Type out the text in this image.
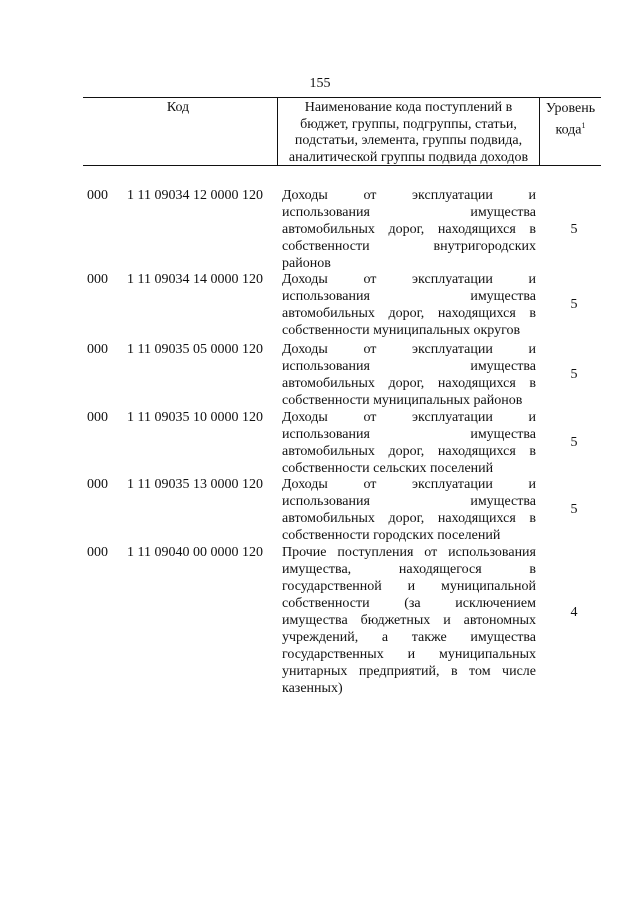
155
Код	Наименование кода поступлений в
бюджет, группы, подгруппы, статьи,
подстатьи, элемента, группы подвида,
аналитической группы подвида доходов
Уровень
кода$^1$
000 1 11 09034 12 0000 120 Доходы от эксплуатации и
использования имущества
автомобильных дорог, находящихся в
собственности внутригородских
районов
5
000 1 11 09034 14 0000 120 Доходы от эксплуатации и
использования имущества
автомобильных дорог, находящихся в
собственности муниципальных округов
5
000 1 11 09035 05 0000 120 Доходы от эксплуатации и
использования имущества
автомобильных дорог, находящихся в
собственности муниципальных районов
5
000 1 11 09035 10 0000 120 Доходы от эксплуатации и
использования имущества
автомобильных дорог, находящихся в
собственности сельских поселений
5
000 1 11 09035 13 0000 120 Доходы от эксплуатации и
использования имущества
автомобильных дорог, находящихся в
собственности городских поселений
5
000 1 11 09040 00 0000 120 Прочие поступления от использования
имущества, находящегося в
государственной и муниципальной
собственности (за исключением
имущества бюджетных и автономных
учреждений, а также имущества
государственных и муниципальных
унитарных предприятий, в том числе
казенных)
4
